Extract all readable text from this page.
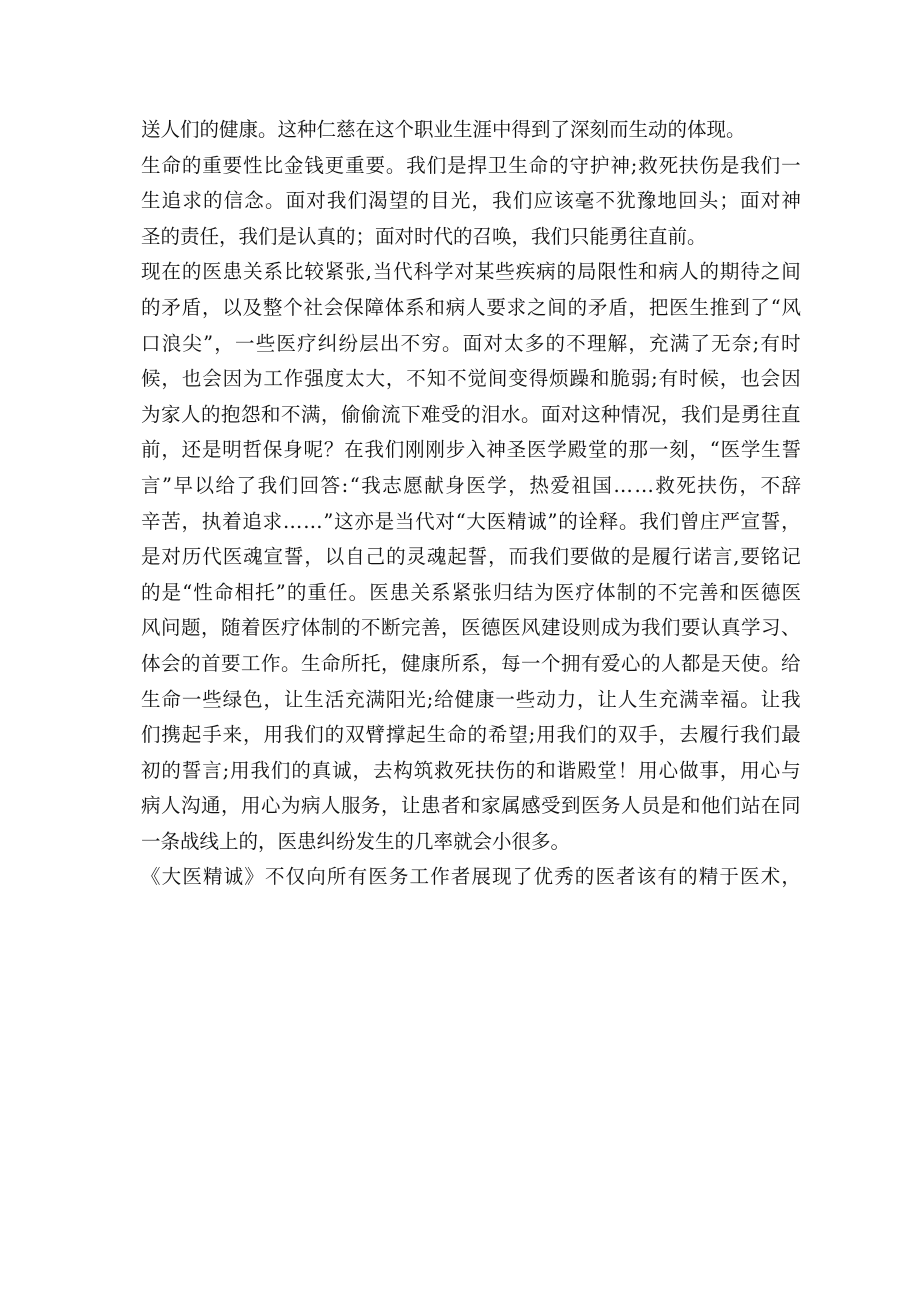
送人们的健康。这种仁慈在这个职业生涯中得到了深刻而生动的体现。
生 命 的 重 要 性 比 金 钱 更 重 要 。 我 们 是 捍 卫 生 命 的 守 护 神 ; 救 死 扶 伤 是 我 们 一
生 追 求 的 信 念 。 面 对 我 们 渴 望 的 目 光 ， 我 们 应 该 毫 不 犹 豫 地 回 头 ； 面 对 神
圣的责任，我们是认真的；面对时代的召唤，我们只能勇往直前。
现 在 的 医 患 关 系 比 较 紧 张 , 当 代 科 学 对 某 些 疾 病 的 局 限 性 和 病 人 的 期 待 之 间
的 矛 盾 ， 以 及 整 个 社 会 保 障 体 系 和 病 人 要 求 之 间 的 矛 盾 ， 把 医 生 推 到 了 “ 风
口 浪 尖 ” ， 一 些 医 疗 纠 纷 层 出 不 穷 。 面 对 太 多 的 不 理 解 ， 充 满 了 无 奈 ; 有 时
候 ， 也 会 因 为 工 作 强 度 太 大 ， 不 知 不 觉 间 变 得 烦 躁 和 脆 弱 ; 有 时 候 ， 也 会 因
为 家 人 的 抱 怨 和 不 满 ， 偷 偷 流 下 难 受 的 泪 水 。 面 对 这 种 情 况 ， 我 们 是 勇 往 直
前 ， 还 是 明 哲 保 身 呢 ？ 在 我 们 刚 刚 步 入 神 圣 医 学 殿 堂 的 那 一 刻 ， “ 医 学 生 誓
言 ” 早 以 给 了 我 们 回 答 : “ 我 志 愿 献 身 医 学 ， 热 爱 祖 国 … … 救 死 扶 伤 ， 不 辞
辛 苦 ， 执 着 追 求 … … ” 这 亦 是 当 代 对 “ 大 医 精 诚 ” 的 诠 释 。 我 们 曾 庄 严 宣 誓 ，
是 对 历 代 医 魂 宣 誓 ， 以 自 己 的 灵 魂 起 誓 ， 而 我 们 要 做 的 是 履 行 诺 言 , 要 铭 记
的 是 “ 性 命 相 托 ” 的 重 任 。 医 患 关 系 紧 张 归 结 为 医 疗 体 制 的 不 完 善 和 医 德 医
风 问 题 ， 随 着 医 疗 体 制 的 不 断 完 善 ， 医 德 医 风 建 设 则 成 为 我 们 要 认 真 学 习 、
体 会 的 首 要 工 作 。 生 命 所 托 ， 健 康 所 系 ， 每 一 个 拥 有 爱 心 的 人 都 是 天 使 。 给
生 命 一 些 绿 色 ， 让 生 活 充 满 阳 光 ; 给 健 康 一 些 动 力 ， 让 人 生 充 满 幸 福 。 让 我
们 携 起 手 来 ， 用 我 们 的 双 臂 撑 起 生 命 的 希 望 ; 用 我 们 的 双 手 ， 去 履 行 我 们 最
初 的 誓 言 ; 用 我 们 的 真 诚 ， 去 构 筑 救 死 扶 伤 的 和 谐 殿 堂 ！ 用 心 做 事 ， 用 心 与
病 人 沟 通 ， 用 心 为 病 人 服 务 ， 让 患 者 和 家 属 感 受 到 医 务 人 员 是 和 他 们 站 在 同
一条战线上的，医患纠纷发生的几率就会小很多。
《 大 医 精 诚 》 不 仅 向 所 有 医 务 工 作 者 展 现 了 优 秀 的 医 者 该 有 的 精 于 医 术 ，
